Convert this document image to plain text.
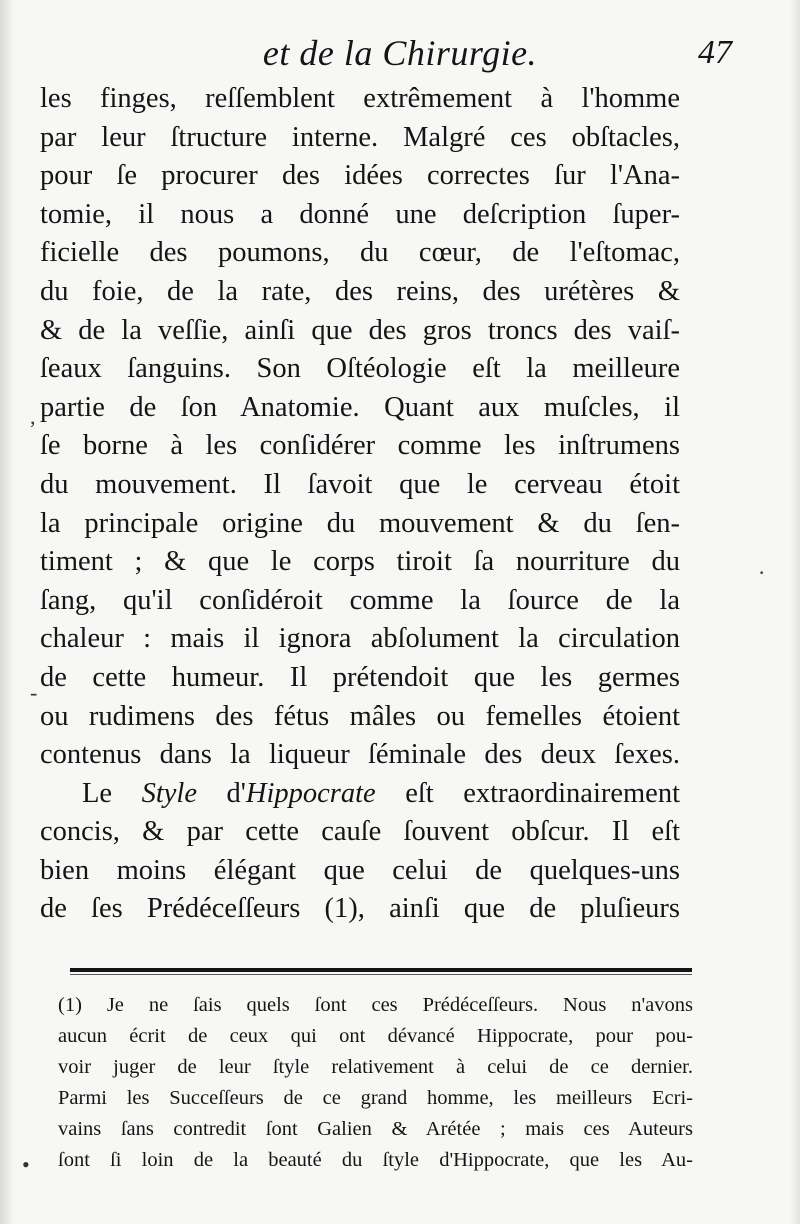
et de la Chirurgie.	47
les finges, reſſemblent extrêmement à l'homme
par leur ſtructure interne. Malgré ces obſtacles,
pour ſe procurer des idées correctes ſur l'Ana-
tomie, il nous a donné une deſcription ſuper-
ficielle des poumons, du cœur, de l'eſtomac,
du foie, de la rate, des reins, des urétères &
& de la veſſie, ainſi que des gros troncs des vaiſ-
ſeaux ſanguins. Son Oſtéologie eſt la meilleure
partie de ſon Anatomie. Quant aux muſcles, il
ſe borne à les conſidérer comme les inſtrumens
du mouvement. Il ſavoit que le cerveau étoit
la principale origine du mouvement & du ſen-
timent ; & que le corps tiroit ſa nourriture du
ſang, qu'il conſidéroit comme la ſource de la
chaleur : mais il ignora abſolument la circulation
de cette humeur. Il prétendoit que les germes
ou rudimens des fétus mâles ou femelles étoient
contenus dans la liqueur ſéminale des deux ſexes.
Le Style d'Hippocrate eſt extraordinairement
concis, & par cette cauſe ſouvent obſcur. Il eſt
bien moins élégant que celui de quelques-uns
de ſes Prédéceſſeurs (1), ainſi que de pluſieurs
(1) Je ne ſais quels ſont ces Prédéceſſeurs. Nous n'avons
aucun écrit de ceux qui ont dévancé Hippocrate, pour pou-
voir juger de leur ſtyle relativement à celui de ce dernier.
Parmi les Succeſſeurs de ce grand homme, les meilleurs Ecri-
vains ſans contredit ſont Galien & Arétée ; mais ces Auteurs
ſont ſi loin de la beauté du ſtyle d'Hippocrate, que les Au-
,
-
·
•
